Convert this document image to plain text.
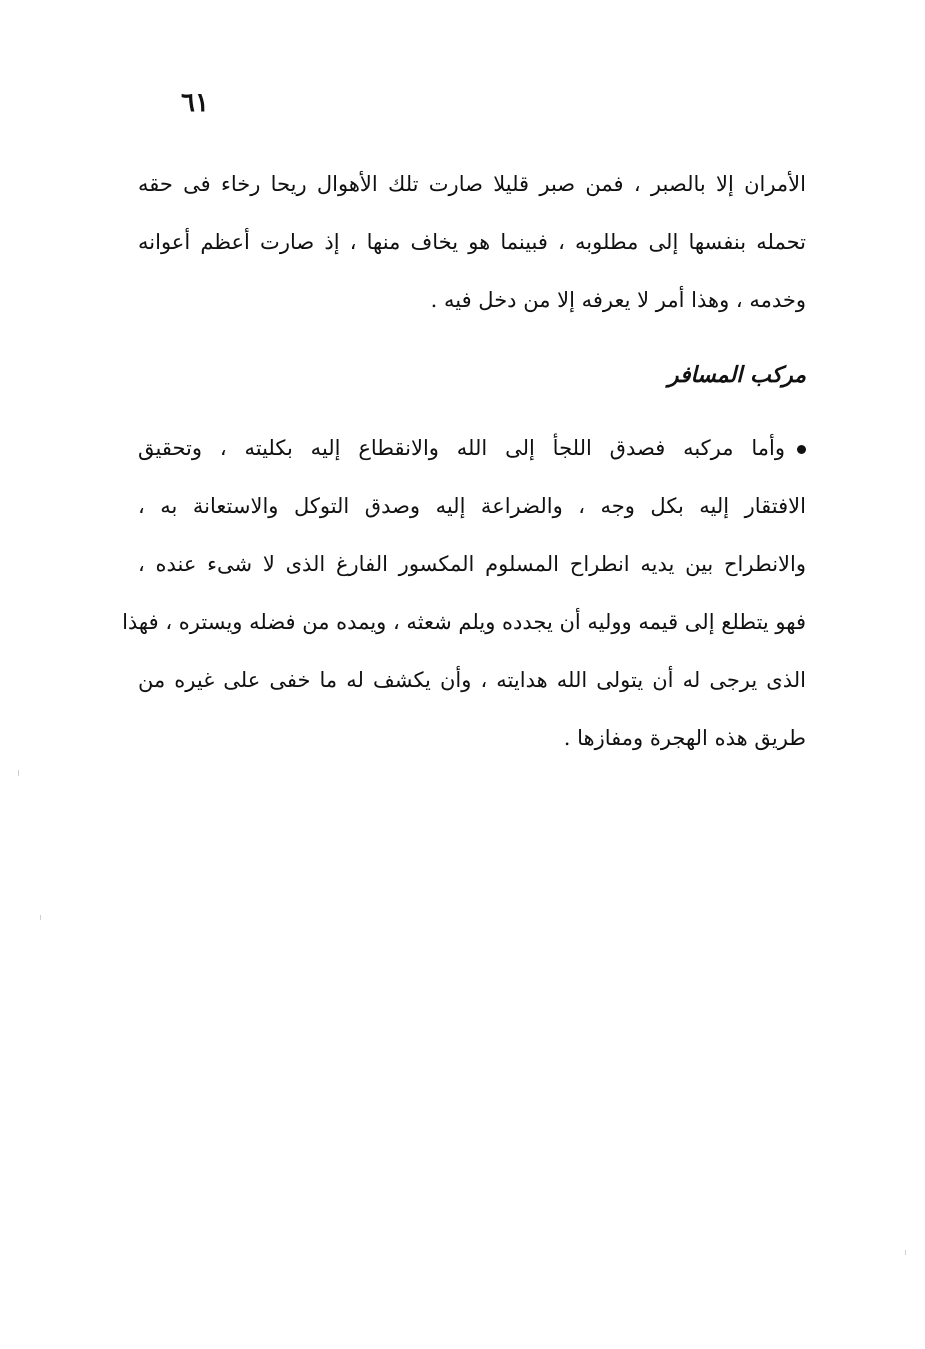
٦١
الأمران إلا بالصبر ، فمن صبر قليلا صارت تلك الأهوال ريحا رخاء فى حقه
تحمله بنفسها إلى مطلوبه ، فبينما هو يخاف منها ، إذ صارت أعظم أعوانه
وخدمه ، وهذا أمر لا يعرفه إلا من دخل فيه .
مركب المسافر
وأما مركبه فصدق اللجأ إلى الله والانقطاع إليه بكليته ، وتحقيق
الافتقار إليه بكل وجه ، والضراعة إليه وصدق التوكل والاستعانة به ،
والانطراح بين يديه انطراح المسلوم المكسور الفارغ الذى لا شىء عنده ،
فهو يتطلع إلى قيمه ووليه أن يجدده ويلم شعثه ، ويمده من فضله ويستره ، فهذا
الذى يرجى له أن يتولى الله هدايته ، وأن يكشف له ما خفى على غيره من
طريق هذه الهجرة ومفازها .
